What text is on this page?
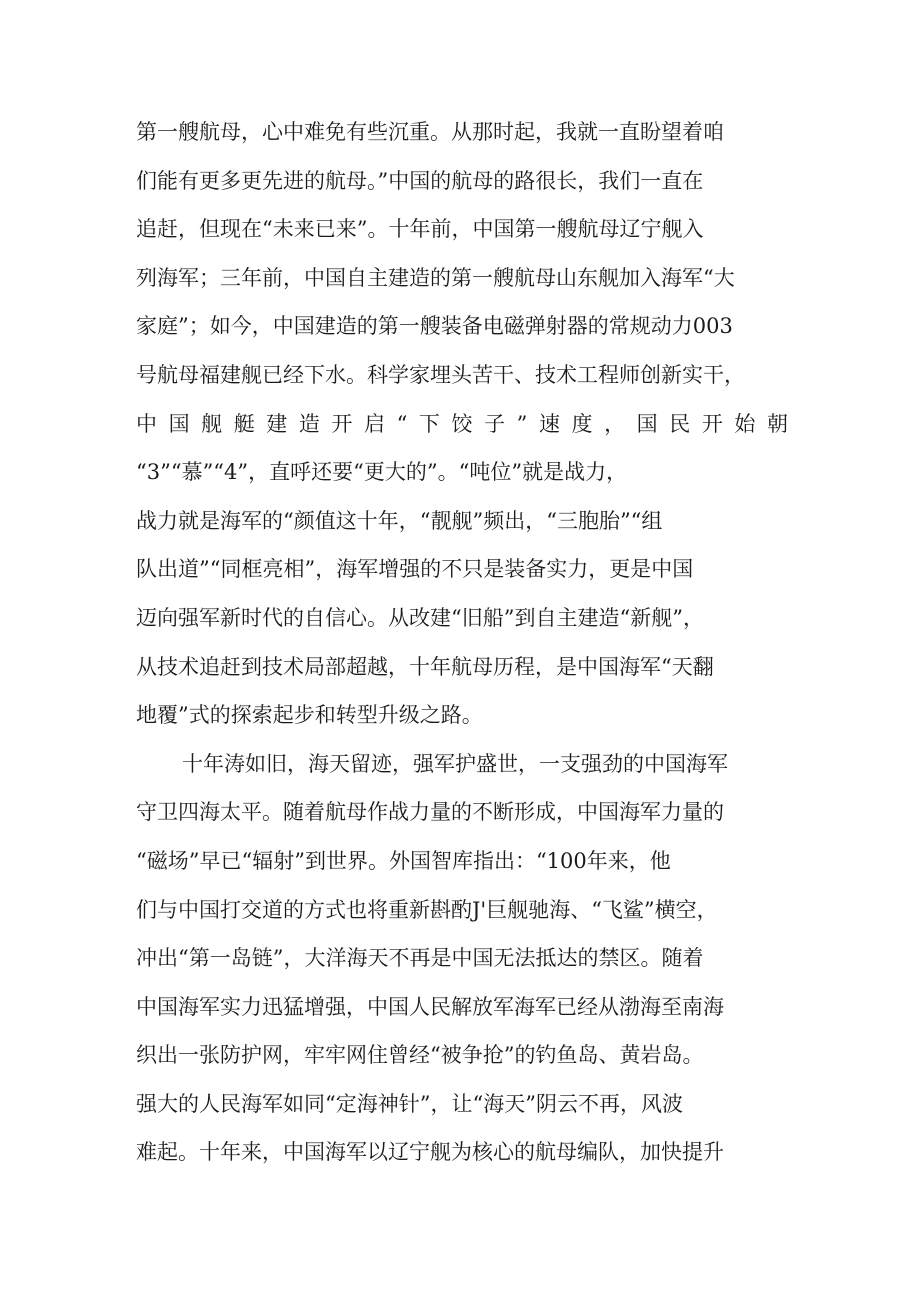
第一艘航母，心中难免有些沉重。从那时起，我就一直盼望着咱
们能有更多更先进的航母。”中国的航母的路很长，我们一直在
追赶，但现在“未来已来”。十年前，中国第一艘航母辽宁舰入
列海军；三年前，中国自主建造的第一艘航母山东舰加入海军“大
家庭”；如今，中国建造的第一艘装备电磁弹射器的常规动力003
号航母福建舰已经下水。科学家埋头苦干、技术工程师创新实干，
中国舰艇建造开启“下饺子”速度，国民开始朝
“3”“慕”“4”，直呼还要“更大的”。“吨位”就是战力，
战力就是海军的“颜值这十年，“靓舰”频出，“三胞胎”“组
队出道”“同框亮相”，海军增强的不只是装备实力，更是中国
迈向强军新时代的自信心。从改建“旧船”到自主建造“新舰”，
从技术追赶到技术局部超越，十年航母历程，是中国海军“天翻
地覆”式的探索起步和转型升级之路。
十年涛如旧，海天留迹，强军护盛世，一支强劲的中国海军
守卫四海太平。随着航母作战力量的不断形成，中国海军力量的
“磁场”早已“辐射”到世界。外国智库指出：“100年来，他
们与中国打交道的方式也将重新斟酌J'巨舰驰海、“飞鲨”横空，
冲出“第一岛链”，大洋海天不再是中国无法抵达的禁区。随着
中国海军实力迅猛增强，中国人民解放军海军已经从渤海至南海
织出一张防护网，牢牢网住曾经“被争抢”的钓鱼岛、黄岩岛。
强大的人民海军如同“定海神针”，让“海天”阴云不再，风波
难起。十年来，中国海军以辽宁舰为核心的航母编队，加快提升
